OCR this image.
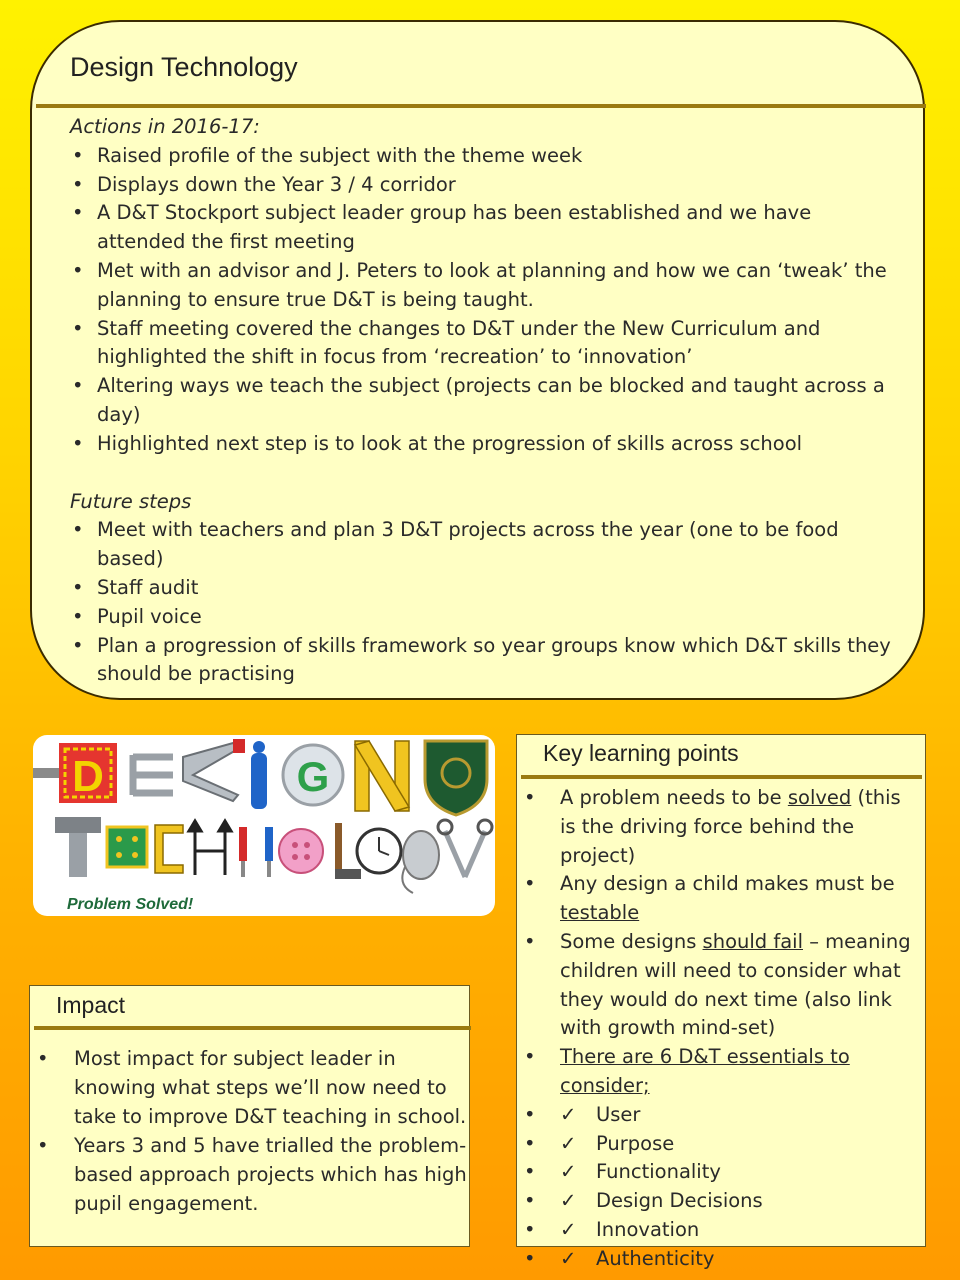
Design Technology
Actions in 2016-17:
• Raised profile of the subject with the theme week
• Displays down the Year 3 / 4 corridor
• A D&T Stockport subject leader group has been established and we have attended the first meeting
• Met with an advisor and J. Peters to look at planning and how we can ‘tweak’ the planning to ensure true D&T is being taught.
• Staff meeting covered the changes to D&T under the New Curriculum and highlighted the shift in focus from ‘recreation’ to ‘innovation’
• Altering ways we teach the subject (projects can be blocked and taught across a day)
• Highlighted next step is to look at the progression of skills across school
Future steps
• Meet with teachers and plan 3 D&T projects across the year (one to be food based)
• Staff audit
• Pupil voice
• Plan a progression of skills framework so year groups know which D&T skills they should be practising
D
E	S	I
G
N
T	E	C	H	N	O	L	O	G	Y
Problem Solved!
Impact
• Most impact for subject leader in knowing what steps we’ll now need to take to improve D&T teaching in school.
• Years 3 and 5 have trialled the problem-based approach projects which has high pupil engagement.
Key learning points
• A problem needs to be solved (this is the driving force behind the project)
• Any design a child makes must be testable
• Some designs should fail – meaning children will need to consider what they would do next time (also link with growth mind-set)
• There are 6 D&T essentials to consider;
• ✓ User
• ✓ Purpose
• ✓ Functionality
• ✓ Design Decisions
• ✓ Innovation
• ✓ Authenticity
